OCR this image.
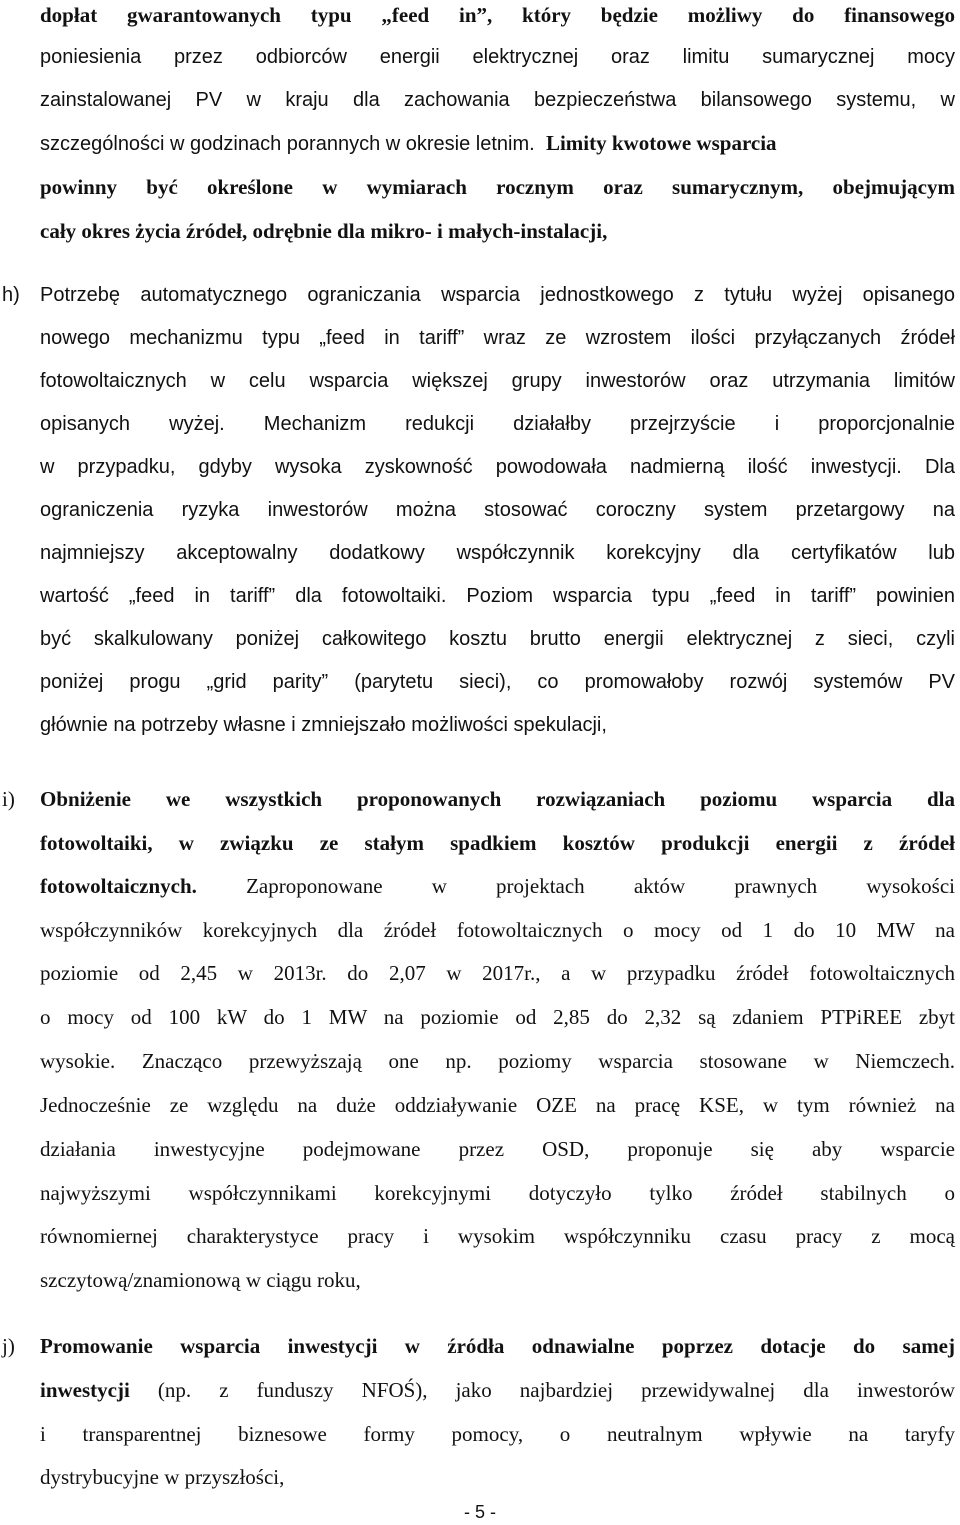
dopłat gwarantowanych typu „feed in”, który będzie możliwy do finansowego
poniesienia przez odbiorców energii elektrycznej oraz limitu sumarycznej mocy
zainstalowanej PV w kraju dla zachowania bezpieczeństwa bilansowego systemu, w
szczególności w godzinach porannych w okresie letnim. Limity kwotowe wsparcia
powinny być określone w wymiarach rocznym oraz sumarycznym, obejmującym
cały okres życia źródeł, odrębnie dla mikro- i małych-instalacji,
h)	Potrzebę automatycznego ograniczania wsparcia jednostkowego z tytułu wyżej opisanego
nowego mechanizmu typu „feed in tariff” wraz ze wzrostem ilości przyłączanych źródeł
fotowoltaicznych w celu wsparcia większej grupy inwestorów oraz utrzymania limitów
opisanych wyżej. Mechanizm redukcji działałby przejrzyście i proporcjonalnie
w przypadku, gdyby wysoka zyskowność powodowała nadmierną ilość inwestycji. Dla
ograniczenia ryzyka inwestorów można stosować coroczny system przetargowy na
najmniejszy akceptowalny dodatkowy współczynnik korekcyjny dla certyfikatów lub
wartość „feed in tariff” dla fotowoltaiki. Poziom wsparcia typu „feed in tariff” powinien
być skalkulowany poniżej całkowitego kosztu brutto energii elektrycznej z sieci, czyli
poniżej progu „grid parity” (parytetu sieci), co promowałoby rozwój systemów PV
głównie na potrzeby własne i zmniejszało możliwości spekulacji,
i)	Obniżenie we wszystkich proponowanych rozwiązaniach poziomu wsparcia dla
fotowoltaiki, w związku ze stałym spadkiem kosztów produkcji energii z źródeł
fotowoltaicznych. Zaproponowane w projektach aktów prawnych wysokości
współczynników korekcyjnych dla źródeł fotowoltaicznych o mocy od 1 do 10 MW na
poziomie od 2,45 w 2013r. do 2,07 w 2017r., a w przypadku źródeł fotowoltaicznych
o mocy od 100 kW do 1 MW na poziomie od 2,85 do 2,32 są zdaniem PTPiREE zbyt
wysokie. Znacząco przewyższają one np. poziomy wsparcia stosowane w Niemczech.
Jednocześnie ze względu na duże oddziaływanie OZE na pracę KSE, w tym również na
działania inwestycyjne podejmowane przez OSD, proponuje się aby wsparcie
najwyższymi współczynnikami korekcyjnymi dotyczyło tylko źródeł stabilnych o
równomiernej charakterystyce pracy i wysokim współczynniku czasu pracy z mocą
szczytową/znamionową w ciągu roku,
j)	Promowanie wsparcia inwestycji w źródła odnawialne poprzez dotacje do samej
inwestycji (np. z funduszy NFOŚ), jako najbardziej przewidywalnej dla inwestorów
i transparentnej biznesowe formy pomocy, o neutralnym wpływie na taryfy
dystrybucyjne w przyszłości,
- 5 -
